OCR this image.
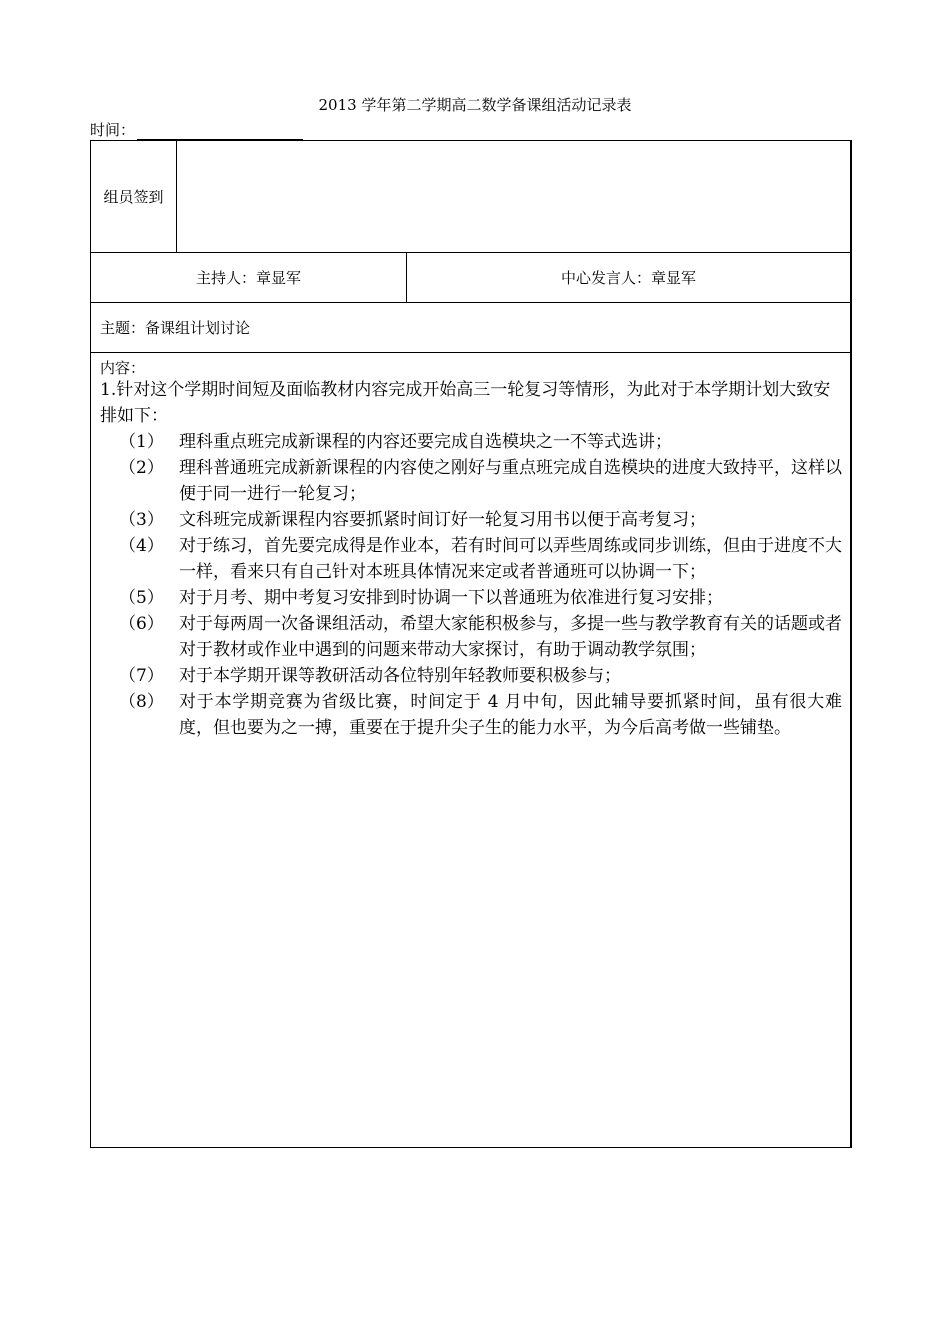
2013 学年第二学期高二数学备课组活动记录表
时间：
组员签到
主持人：章显军	中心发言人：章显军
主题：备课组计划讨论
内容：
1.针对这个学期时间短及面临教材内容完成开始高三一轮复习等情形，为此对于本学期计划大致安排如下：
（1） 理科重点班完成新课程的内容还要完成自选模块之一不等式选讲；
（2） 理科普通班完成新新课程的内容使之刚好与重点班完成自选模块的进度大致持平，这样以便于同一进行一轮复习；
（3） 文科班完成新课程内容要抓紧时间订好一轮复习用书以便于高考复习；
（4） 对于练习，首先要完成得是作业本，若有时间可以弄些周练或同步训练，但由于进度不大一样，看来只有自己针对本班具体情况来定或者普通班可以协调一下；
（5） 对于月考、期中考复习安排到时协调一下以普通班为依准进行复习安排；
（6） 对于每两周一次备课组活动，希望大家能积极参与，多提一些与教学教育有关的话题或者对于教材或作业中遇到的问题来带动大家探讨，有助于调动教学氛围；
（7） 对于本学期开课等教研活动各位特别年轻教师要积极参与；
（8） 对于本学期竞赛为省级比赛，时间定于 4 月中旬，因此辅导要抓紧时间，虽有很大难度，但也要为之一搏，重要在于提升尖子生的能力水平，为今后高考做一些铺垫。
